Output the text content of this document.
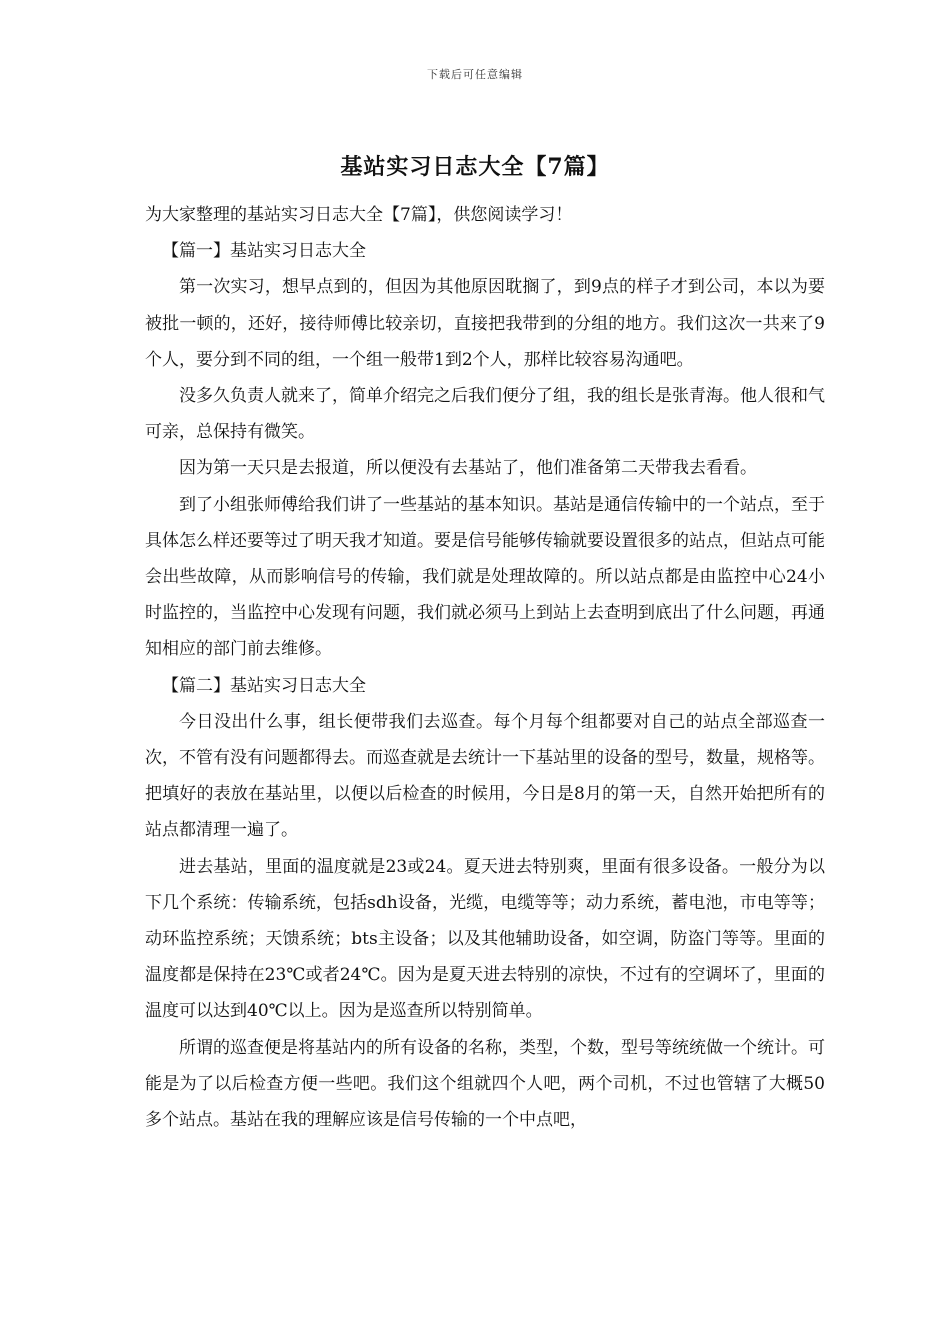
下载后可任意编辑
基站实习日志大全【7篇】

为大家整理的基站实习日志大全【7篇】，供您阅读学习！

【篇一】基站实习日志大全

第一次实习，想早点到的，但因为其他原因耽搁了，到9点的样子才到公司，本以为要被批一顿的，还好，接待师傅比较亲切，直接把我带到的分组的地方。我们这次一共来了9个人，要分到不同的组，一个组一般带1到2个人，那样比较容易沟通吧。

没多久负责人就来了，简单介绍完之后我们便分了组，我的组长是张青海。他人很和气可亲，总保持有微笑。

因为第一天只是去报道，所以便没有去基站了，他们准备第二天带我去看看。

到了小组张师傅给我们讲了一些基站的基本知识。基站是通信传输中的一个站点，至于具体怎么样还要等过了明天我才知道。要是信号能够传输就要设置很多的站点，但站点可能会出些故障，从而影响信号的传输，我们就是处理故障的。所以站点都是由监控中心24小时监控的，当监控中心发现有问题，我们就必须马上到站上去查明到底出了什么问题，再通知相应的部门前去维修。

【篇二】基站实习日志大全

今日没出什么事，组长便带我们去巡查。每个月每个组都要对自己的站点全部巡查一次，不管有没有问题都得去。而巡查就是去统计一下基站里的设备的型号，数量，规格等。把填好的表放在基站里，以便以后检查的时候用，今日是8月的第一天，自然开始把所有的站点都清理一遍了。

进去基站，里面的温度就是23或24。夏天进去特别爽，里面有很多设备。一般分为以下几个系统：传输系统，包括sdh设备，光缆，电缆等等；动力系统，蓄电池，市电等等；动环监控系统；天馈系统；bts主设备；以及其他辅助设备，如空调，防盗门等等。里面的温度都是保持在23℃或者24℃。因为是夏天进去特别的凉快，不过有的空调坏了，里面的温度可以达到40℃以上。因为是巡查所以特别简单。

所谓的巡查便是将基站内的所有设备的名称，类型，个数，型号等统统做一个统计。可能是为了以后检查方便一些吧。我们这个组就四个人吧，两个司机，不过也管辖了大概50多个站点。基站在我的理解应该是信号传输的一个中点吧，
